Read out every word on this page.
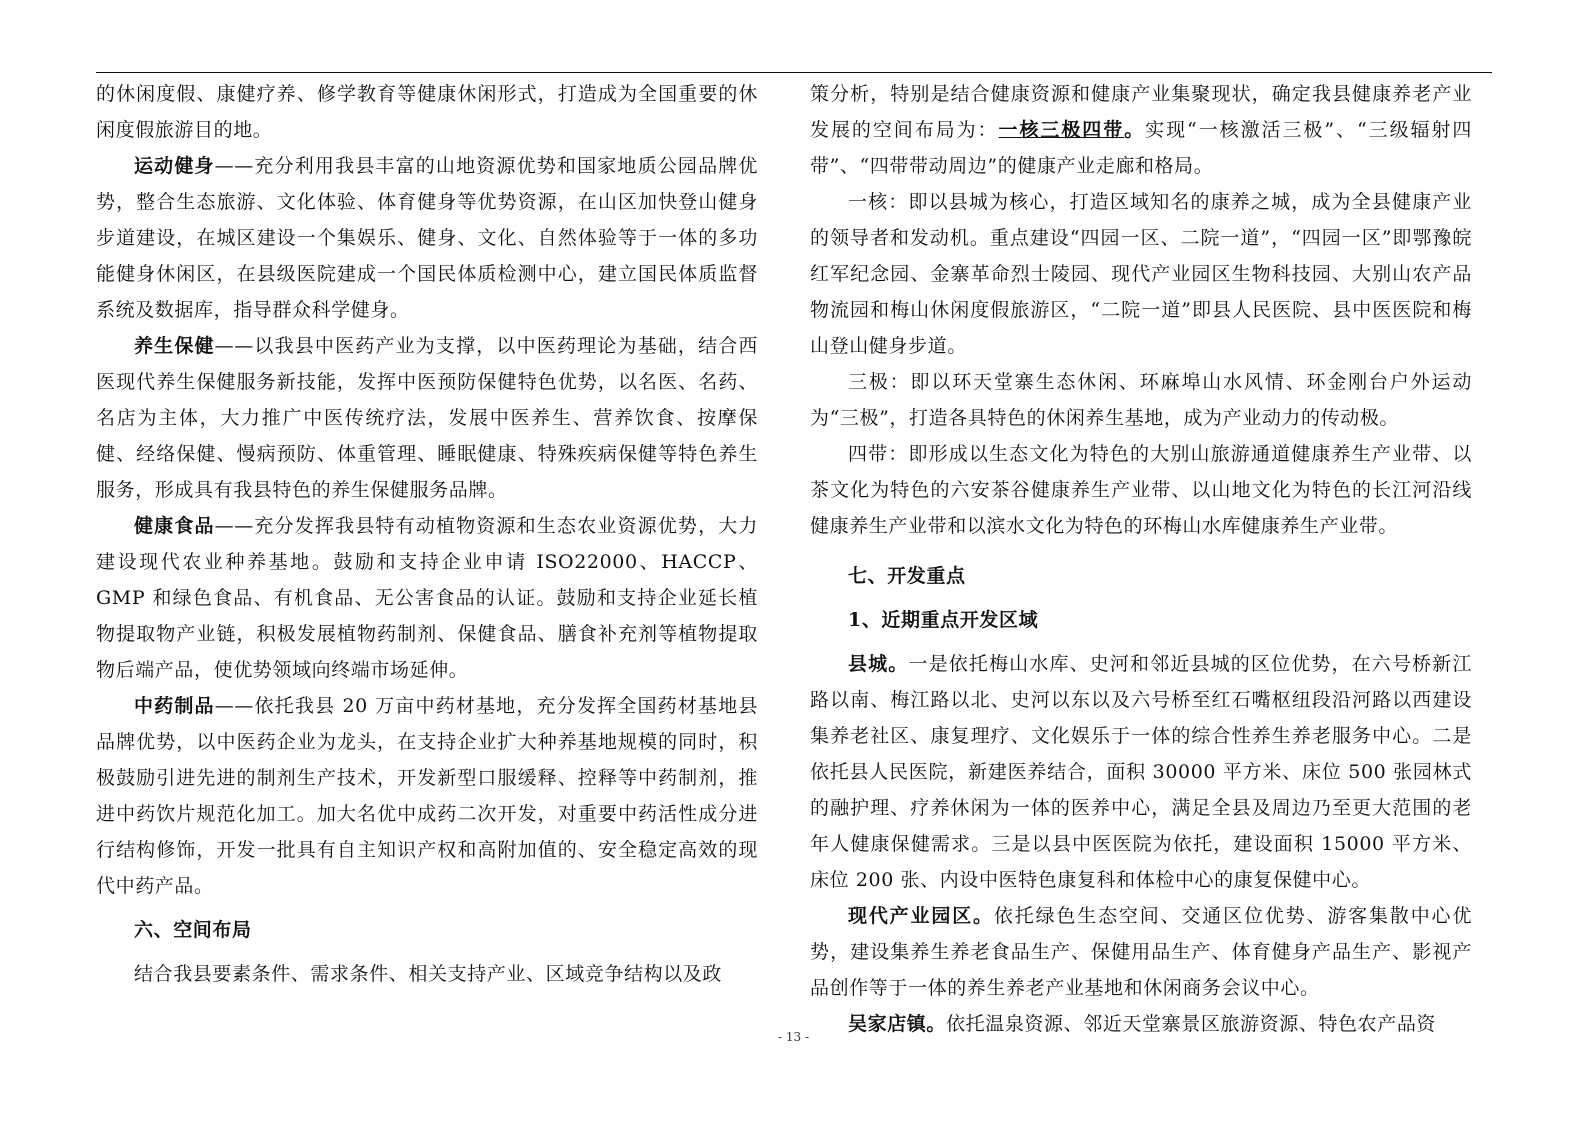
的休闲度假、康健疗养、修学教育等健康休闲形式，打造成为全国重要的休闲度假旅游目的地。

运动健身——充分利用我县丰富的山地资源优势和国家地质公园品牌优势，整合生态旅游、文化体验、体育健身等优势资源，在山区加快登山健身步道建设，在城区建设一个集娱乐、健身、文化、自然体验等于一体的多功能健身休闲区，在县级医院建成一个国民体质检测中心，建立国民体质监督系统及数据库，指导群众科学健身。

养生保健——以我县中医药产业为支撑，以中医药理论为基础，结合西医现代养生保健服务新技能，发挥中医预防保健特色优势，以名医、名药、名店为主体，大力推广中医传统疗法，发展中医养生、营养饮食、按摩保健、经络保健、慢病预防、体重管理、睡眠健康、特殊疾病保健等特色养生服务，形成具有我县特色的养生保健服务品牌。

健康食品——充分发挥我县特有动植物资源和生态农业资源优势，大力建设现代农业种养基地。鼓励和支持企业申请 ISO22000、HACCP、GMP 和绿色食品、有机食品、无公害食品的认证。鼓励和支持企业延长植物提取物产业链，积极发展植物药制剂、保健食品、膳食补充剂等植物提取物后端产品，使优势领域向终端市场延伸。

中药制品——依托我县 20 万亩中药材基地，充分发挥全国药材基地县品牌优势，以中医药企业为龙头，在支持企业扩大种养基地规模的同时，积极鼓励引进先进的制剂生产技术，开发新型口服缓释、控释等中药制剂，推进中药饮片规范化加工。加大名优中成药二次开发，对重要中药活性成分进行结构修饰，开发一批具有自主知识产权和高附加值的、安全稳定高效的现代中药产品。

六、空间布局

结合我县要素条件、需求条件、相关支持产业、区域竞争结构以及政

策分析，特别是结合健康资源和健康产业集聚现状，确定我县健康养老产业发展的空间布局为：一核三极四带。实现“一核激活三极”、“三级辐射四带”、“四带带动周边”的健康产业走廊和格局。

一核：即以县城为核心，打造区域知名的康养之城，成为全县健康产业的领导者和发动机。重点建设“四园一区、二院一道”，“四园一区”即鄂豫皖红军纪念园、金寨革命烈士陵园、现代产业园区生物科技园、大别山农产品物流园和梅山休闲度假旅游区，“二院一道”即县人民医院、县中医医院和梅山登山健身步道。

三极：即以环天堂寨生态休闲、环麻埠山水风情、环金刚台户外运动为“三极”，打造各具特色的休闲养生基地，成为产业动力的传动极。

四带：即形成以生态文化为特色的大别山旅游通道健康养生产业带、以茶文化为特色的六安茶谷健康养生产业带、以山地文化为特色的长江河沿线健康养生产业带和以滨水文化为特色的环梅山水库健康养生产业带。

七、开发重点
1、近期重点开发区域

县城。一是依托梅山水库、史河和邻近县城的区位优势，在六号桥新江路以南、梅江路以北、史河以东以及六号桥至红石嘴枢纽段沿河路以西建设集养老社区、康复理疗、文化娱乐于一体的综合性养生养老服务中心。二是依托县人民医院，新建医养结合，面积 30000 平方米、床位 500 张园林式的融护理、疗养休闲为一体的医养中心，满足全县及周边乃至更大范围的老年人健康保健需求。三是以县中医医院为依托，建设面积 15000 平方米、床位 200 张、内设中医特色康复科和体检中心的康复保健中心。

现代产业园区。依托绿色生态空间、交通区位优势、游客集散中心优势，建设集养生养老食品生产、保健用品生产、体育健身产品生产、影视产品创作等于一体的养生养老产业基地和休闲商务会议中心。

吴家店镇。依托温泉资源、邻近天堂寨景区旅游资源、特色农产品资

- 13 -
